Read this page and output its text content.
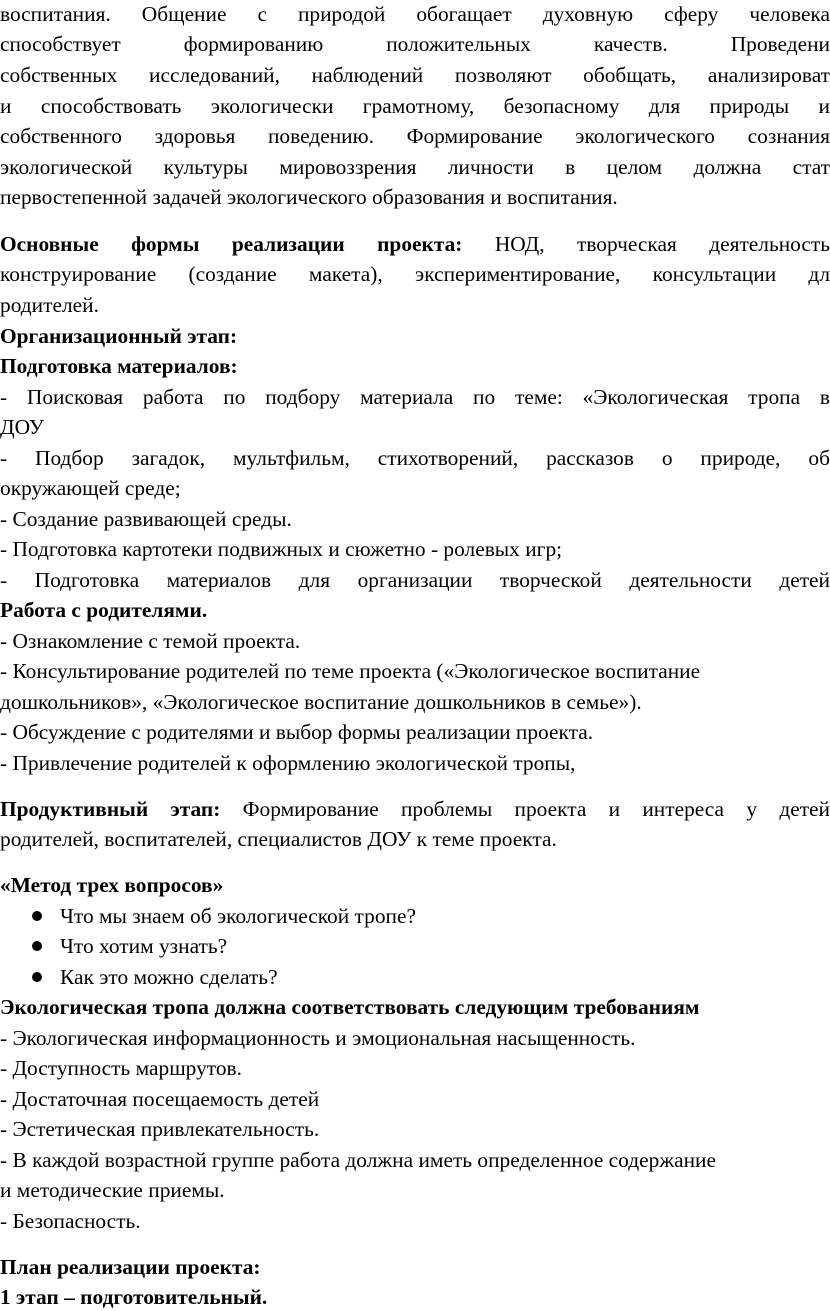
воспитания. Общение с природой обогащает духовную сферу человека
способствует формированию положительных качеств. Проведени
собственных исследований, наблюдений позволяют обобщать, анализироват
и способствовать экологически грамотному, безопасному для природы и
собственного здоровья поведению. Формирование экологического сознания
экологической культуры мировоззрения личности в целом должна стат
первостепенной задачей экологического образования и воспитания.
Основные формы реализации проекта: НОД, творческая деятельность
конструирование (создание макета), экспериментирование, консультации дл
родителей.
Организационный этап:
Подготовка материалов:
- Поисковая работа по подбору материала по теме: «Экологическая тропа в
ДОУ
- Подбор загадок, мультфильм, стихотворений, рассказов о природе, об
окружающей среде;
- Создание развивающей среды.
- Подготовка картотеки подвижных и сюжетно - ролевых игр;
- Подготовка материалов для организации творческой деятельности детей
Работа с родителями.
- Ознакомление с темой проекта.
- Консультирование родителей по теме проекта («Экологическое воспитание
дошкольников», «Экологическое воспитание дошкольников в семье»).
- Обсуждение с родителями и выбор формы реализации проекта.
- Привлечение родителей к оформлению экологической тропы,
Продуктивный этап: Формирование проблемы проекта и интереса у детей
родителей, воспитателей, специалистов ДОУ к теме проекта.
«Метод трех вопросов»
Что мы знаем об экологической тропе?
Что хотим узнать?
Как это можно сделать?
Экологическая тропа должна соответствовать следующим требованиям
- Экологическая информационность и эмоциональная насыщенность.
- Доступность маршрутов.
- Достаточная посещаемость детей
- Эстетическая привлекательность.
- В каждой возрастной группе работа должна иметь определенное содержание
и методические приемы.
- Безопасность.
План реализации проекта:
1 этап – подготовительный.
